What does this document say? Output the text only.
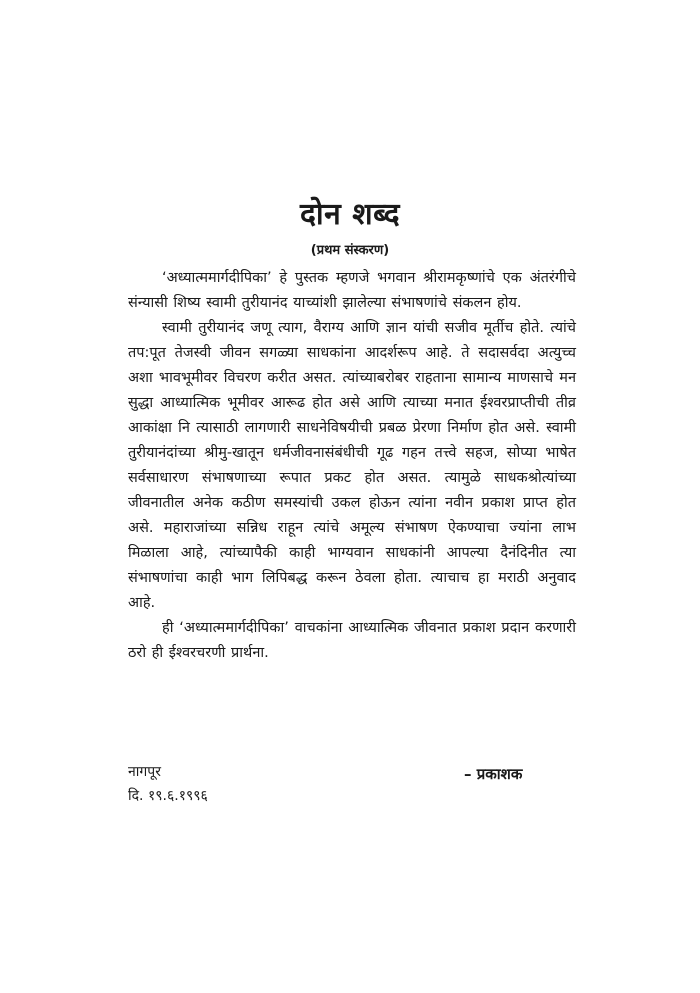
दोन शब्द
(प्रथम संस्करण)

‘अध्यात्ममार्गदीपिका’ हे पुस्तक म्हणजे भगवान श्रीरामकृष्णांचे एक अंतरंगीचे संन्यासी शिष्य स्वामी तुरीयानंद याच्यांशी झालेल्या संभाषणांचे संकलन होय.

स्वामी तुरीयानंद जणू त्याग, वैराग्य आणि ज्ञान यांची सजीव मूर्तीच होते. त्यांचे तप:पूत तेजस्वी जीवन सगळ्या साधकांना आदर्शरूप आहे. ते सदासर्वदा अत्युच्च अशा भावभूमीवर विचरण करीत असत. त्यांच्याबरोबर राहताना सामान्य माणसाचे मन सुद्धा आध्यात्मिक भूमीवर आरूढ होत असे आणि त्याच्या मनात ईश्वरप्राप्तीची तीव्र आकांक्षा नि त्यासाठी लागणारी साधनेविषयीची प्रबळ प्रेरणा निर्माण होत असे. स्वामी तुरीयानंदांच्या श्रीमु-खातून धर्मजीवनासंबंधीची गूढ गहन तत्त्वे सहज, सोप्या भाषेत सर्वसाधारण संभाषणाच्या रूपात प्रकट होत असत. त्यामुळे साधकश्रोत्यांच्या जीवनातील अनेक कठीण समस्यांची उकल होऊन त्यांना नवीन प्रकाश प्राप्त होत असे. महाराजांच्या सन्निध राहून त्यांचे अमूल्य संभाषण ऐकण्याचा ज्यांना लाभ मिळाला आहे, त्यांच्यापैकी काही भाग्यवान साधकांनी आपल्या दैनंदिनीत त्या संभाषणांचा काही भाग लिपिबद्ध करून ठेवला होता. त्याचाच हा मराठी अनुवाद आहे.

ही ‘अध्यात्ममार्गदीपिका’ वाचकांना आध्यात्मिक जीवनात प्रकाश प्रदान करणारी ठरो ही ईश्वरचरणी प्रार्थना.

नागपूर
दि. १९.६.१९९६
– प्रकाशक
